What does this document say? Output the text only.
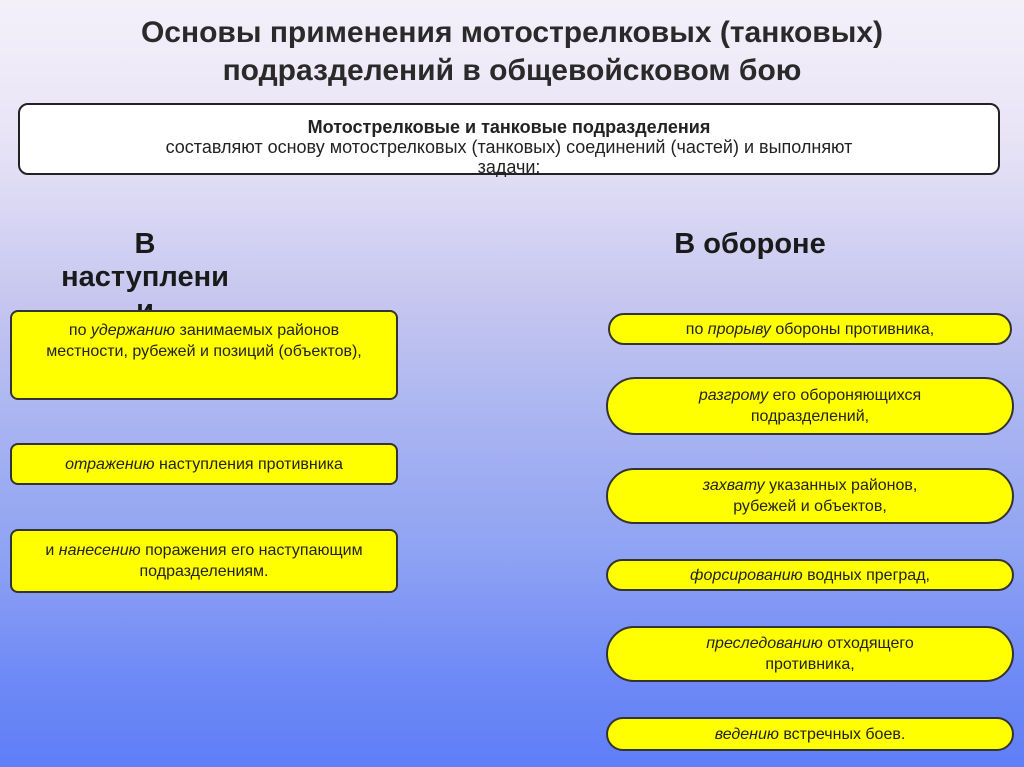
Основы применения мотострелковых (танковых)
подразделений в общевойсковом бою
Мотострелковые и танковые подразделения
составляют основу мотострелковых (танковых) соединений (частей) и выполняют
задачи:
В
наступлени

В обороне
по удержанию занимаемых районов местности, рубежей и позиций (объектов),
отражению наступления противника
и нанесению поражения его наступающим подразделениям.
по прорыву обороны противника,
разгрому его обороняющихся подразделений,
захвату указанных районов, рубежей и объектов,
форсированию водных преград,
преследованию отходящего противника,
ведению встречных боев.
